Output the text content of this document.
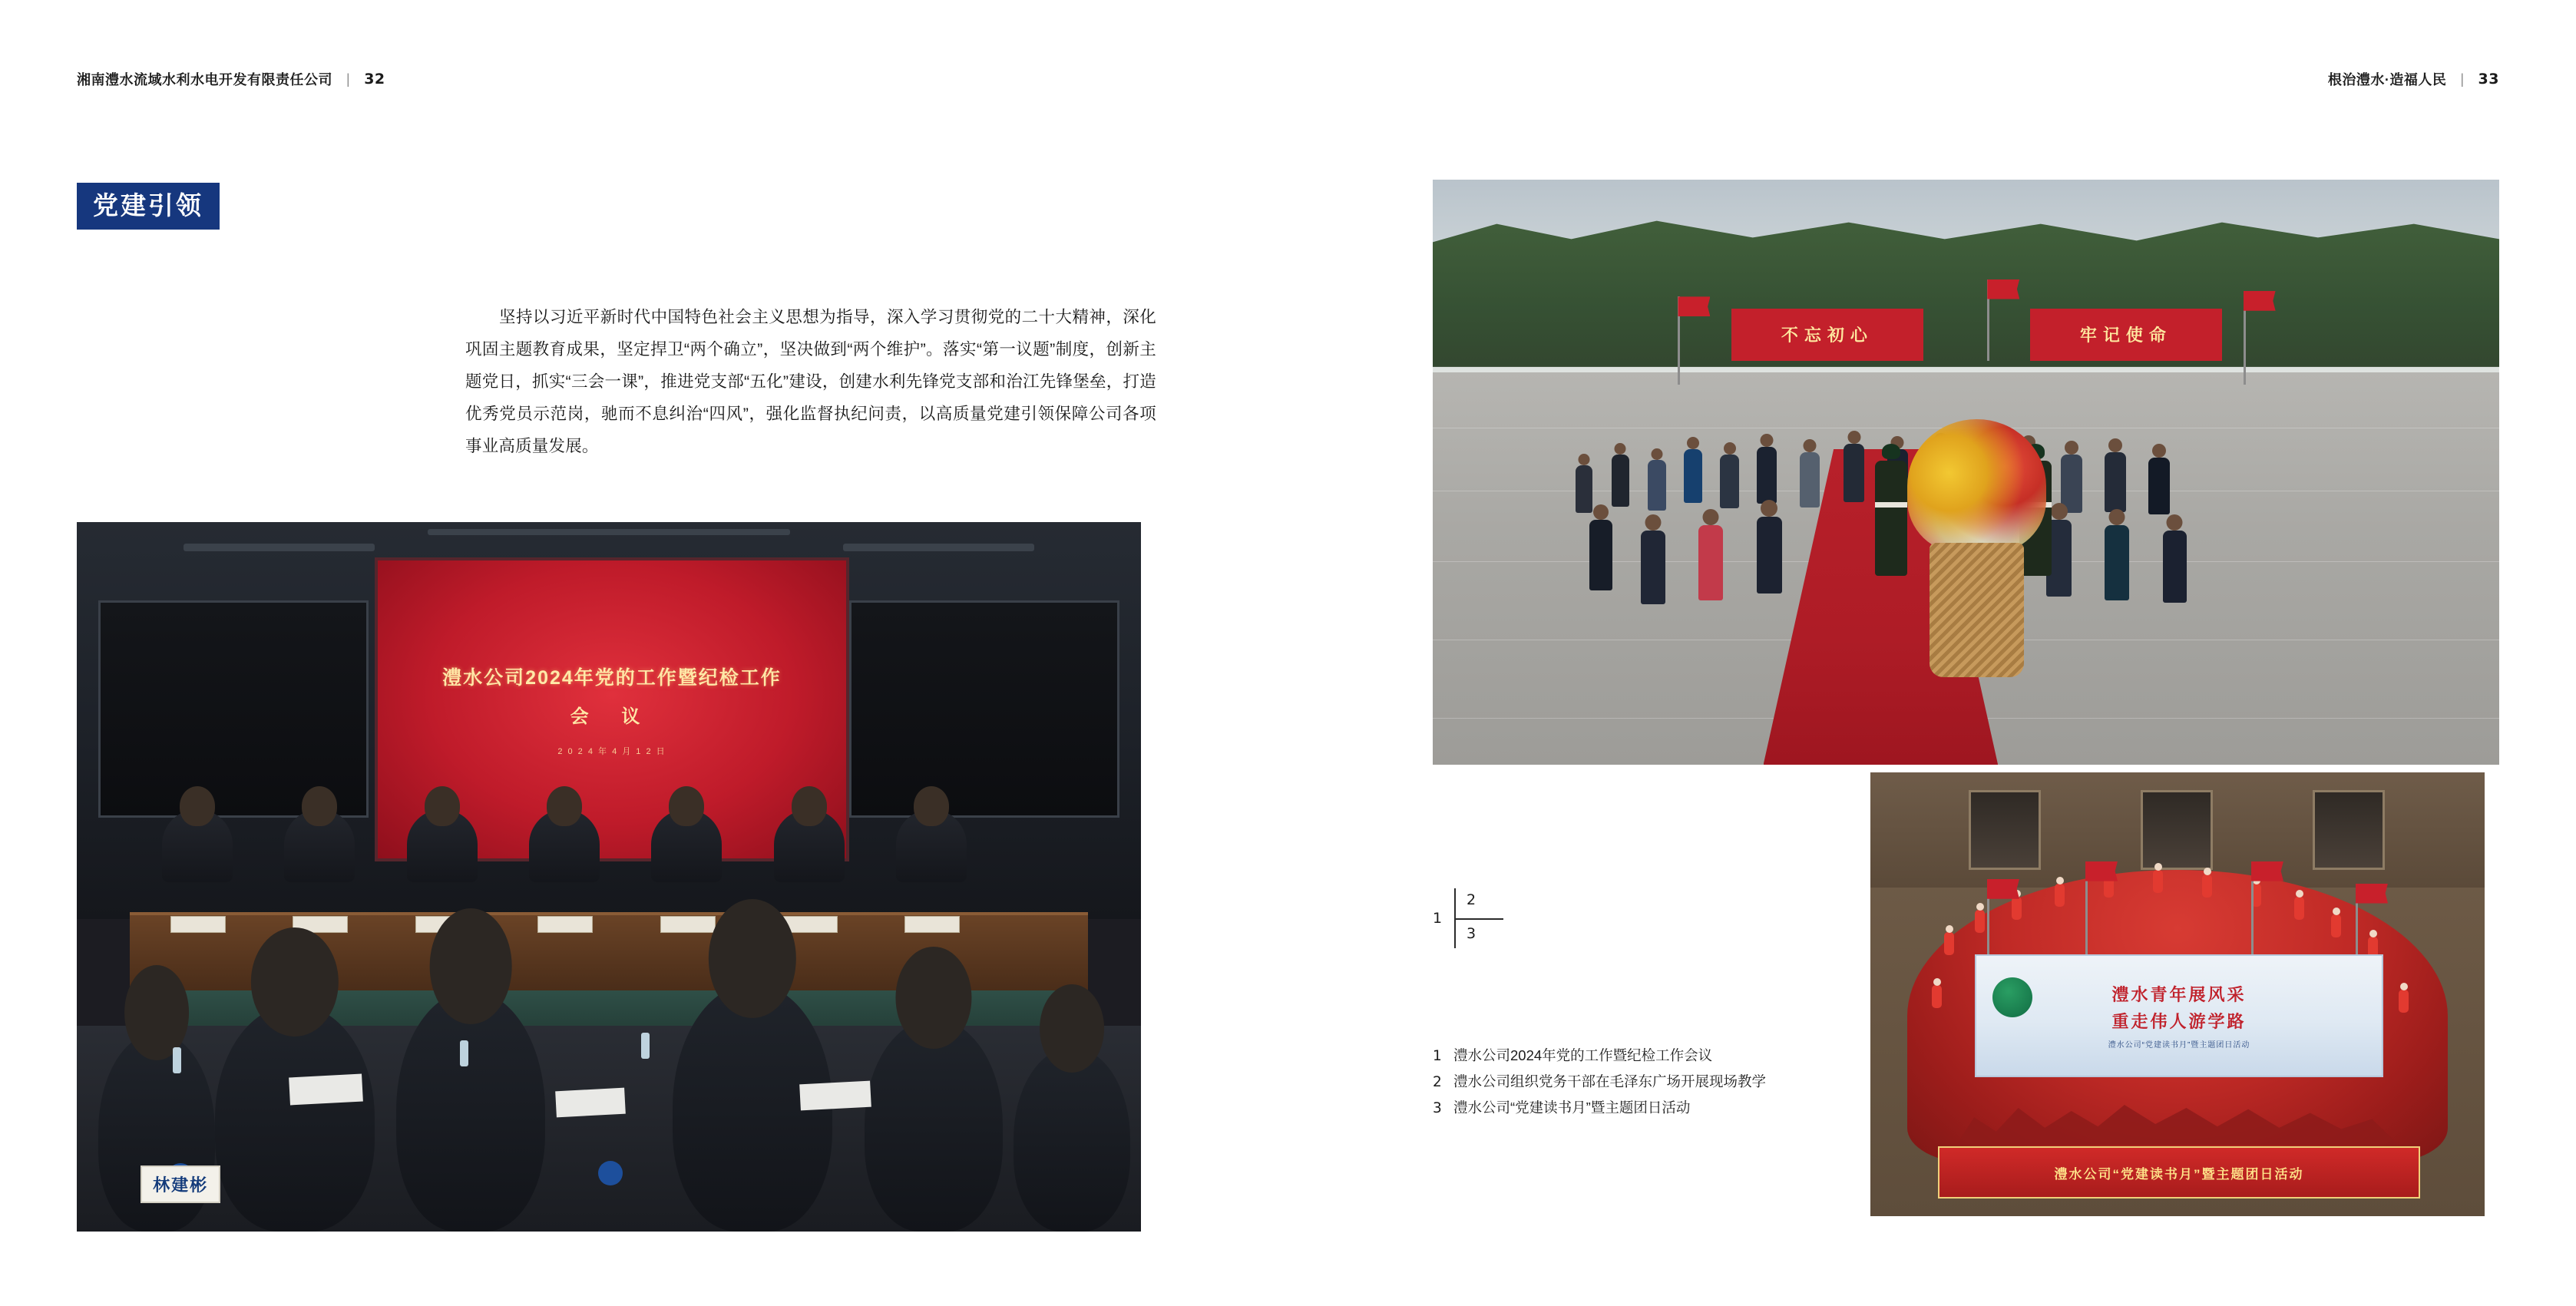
湘南澧水流域水利水电开发有限责任公司 | 32
党建引领

坚持以习近平新时代中国特色社会主义思想为指导，深入学习贯彻党的二十大精神，深化巩固主题教育成果，坚定捍卫“两个确立”，坚决做到“两个维护”。落实“第一议题”制度，创新主题党日，抓实“三会一课”，推进党支部“五化”建设，创建水利先锋党支部和治江先锋堡垒，打造优秀党员示范岗，驰而不息纠治“四风”，强化监督执纪问责，以高质量党建引领保障公司各项事业高质量发展。

澧水公司2024年党的工作暨纪检工作
会 议
2 0 2 4 年 4 月 1 2 日
林建彬
根治澧水·造福人民 | 33
不忘初心	牢记使命
澧水青年展风采
重走伟人游学路
澧水公司“党建读书月”暨主题团日活动
澧水公司“党建读书月”暨主题团日活动
1
2
3
1 澧水公司2024年党的工作暨纪检工作会议
2 澧水公司组织党务干部在毛泽东广场开展现场教学
3 澧水公司“党建读书月”暨主题团日活动
